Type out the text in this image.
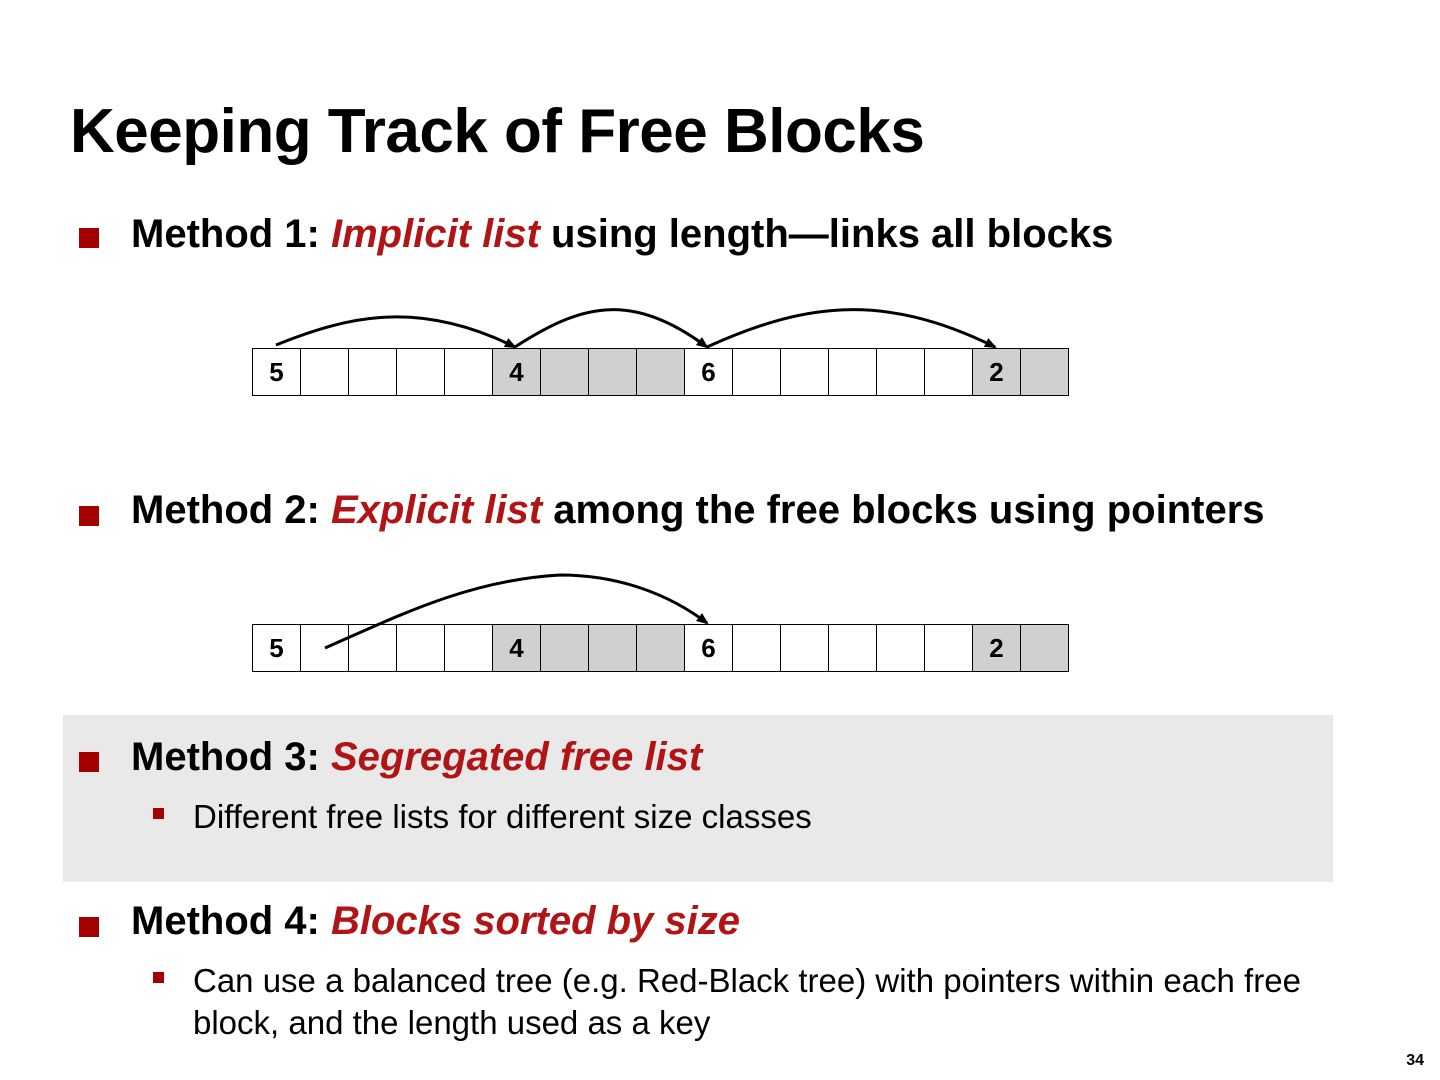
Keeping Track of Free Blocks
Method 1: Implicit list using length—links all blocks
5	4	6	2
Method 2: Explicit list among the free blocks using pointers
5	4	6	2
Method 3: Segregated free list
Different free lists for different size classes
Method 4: Blocks sorted by size
Can use a balanced tree (e.g. Red-Black tree) with pointers within each free block, and the length used as a key
34
